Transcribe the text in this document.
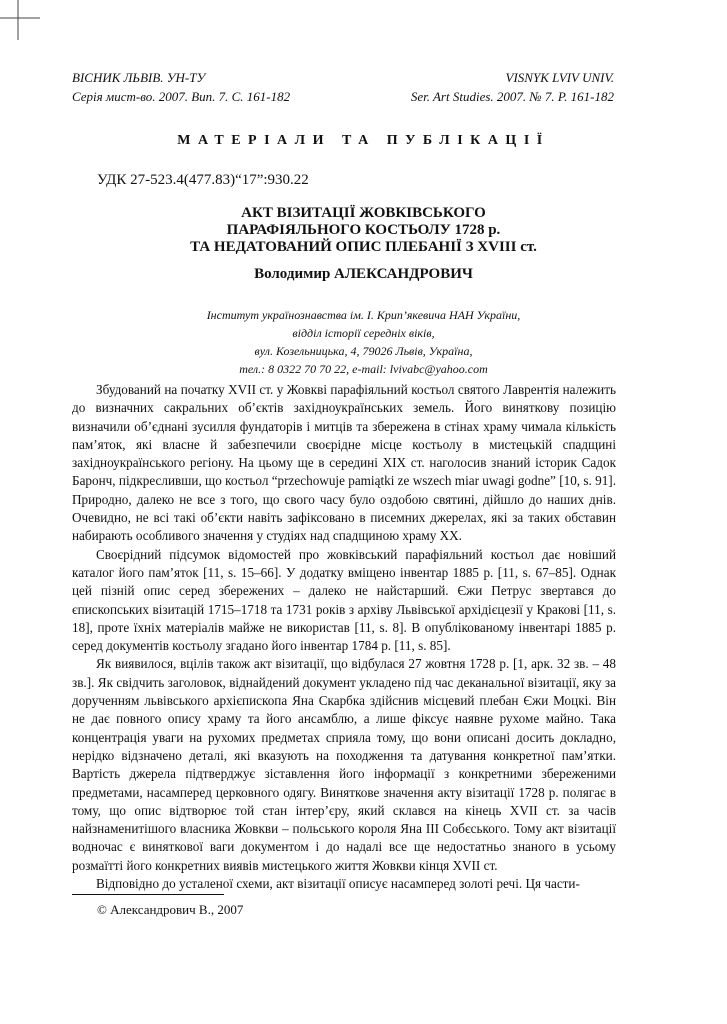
ВІСНИК ЛЬВІВ. УН-ТУ
Серія мист-во. 2007. Вип. 7. С. 161-182
VISNYK LVIV UNIV.
Ser. Art Studies. 2007. № 7. P. 161-182
МАТЕРІАЛИ ТА ПУБЛІКАЦІЇ
УДК 27-523.4(477.83)“17”:930.22
АКТ ВІЗИТАЦІЇ ЖОВКІВСЬКОГО
ПАРАФІЯЛЬНОГО КОСТЬОЛУ 1728 р.
ТА НЕДАТОВАНИЙ ОПИС ПЛЕБАНІЇ З XVIII ст.
Володимир АЛЕКСАНДРОВИЧ
Інститут українознавства ім. І. Крип’якевича НАН України,
відділ історії середніх віків,
вул. Козельницька, 4, 79026 Львів, Україна,
тел.: 8 0322 70 70 22, e-mail: lvivabc@yahoo.com

Збудований на початку XVII ст. у Жовкві парафіяльний костьол святого Лаврентія належить до визначних сакральних об’єктів західноукраїнських земель. Його виняткову позицію визначили об’єднані зусилля фундаторів і митців та збережена в стінах храму чимала кількість пам’яток, які власне й забезпечили своєрідне місце костьолу в мистецькій спадщині західноукраїнського регіону. На цьому ще в середині XIX ст. наголосив знаний історик Садок Баронч, підкресливши, що костьол “przechowuje pamiątki ze wszech miar uwagi godne” [10, s. 91]. Природно, далеко не все з того, що свого часу було оздобою святині, дійшло до наших днів. Очевидно, не всі такі об’єкти навіть зафіксовано в писемних джерелах, які за таких обставин набирають особливого значення у студіях над спадщиною храму XX.

Своєрідний підсумок відомостей про жовківський парафіяльний костьол дає новіший каталог його пам’яток [11, s. 15–66]. У додатку вміщено інвентар 1885 р. [11, s. 67–85]. Однак цей пізній опис серед збережених – далеко не найстарший. Єжи Петрус звертався до єпископських візитацій 1715–1718 та 1731 років з архіву Львівської архідієцезії у Кракові [11, s. 18], проте їхніх матеріалів майже не використав [11, s. 8]. В опублікованому інвентарі 1885 р. серед документів костьолу згадано його інвентар 1784 р. [11, s. 85].

Як виявилося, вцілів також акт візитації, що відбулася 27 жовтня 1728 р. [1, арк. 32 зв. – 48 зв.]. Як свідчить заголовок, віднайдений документ укладено під час деканальної візитації, яку за дорученням львівського архієпископа Яна Скарбка здійснив місцевий плебан Єжи Моцкі. Він не дає повного опису храму та його ансамблю, а лише фіксує наявне рухоме майно. Така концентрація уваги на рухомих предметах сприяла тому, що вони описані досить докладно, нерідко відзначено деталі, які вказують на походження та датування конкретної пам’ятки. Вартість джерела підтверджує зіставлення його інформації з конкретними збереженими предметами, насамперед церковного одягу. Виняткове значення акту візитації 1728 р. полягає в тому, що опис відтворює той стан інтер’єру, який склався на кінець XVII ст. за часів найзнаменитішого власника Жовкви – польського короля Яна III Собєського. Тому акт візитації водночас є виняткової ваги документом і до надалі все ще недостатньо знаного в усьому розмаїтті його конкретних виявів мистецького життя Жовкви кінця XVII ст.

Відповідно до усталеної схеми, акт візитації описує насамперед золоті речі. Ця части-

© Александрович В., 2007
